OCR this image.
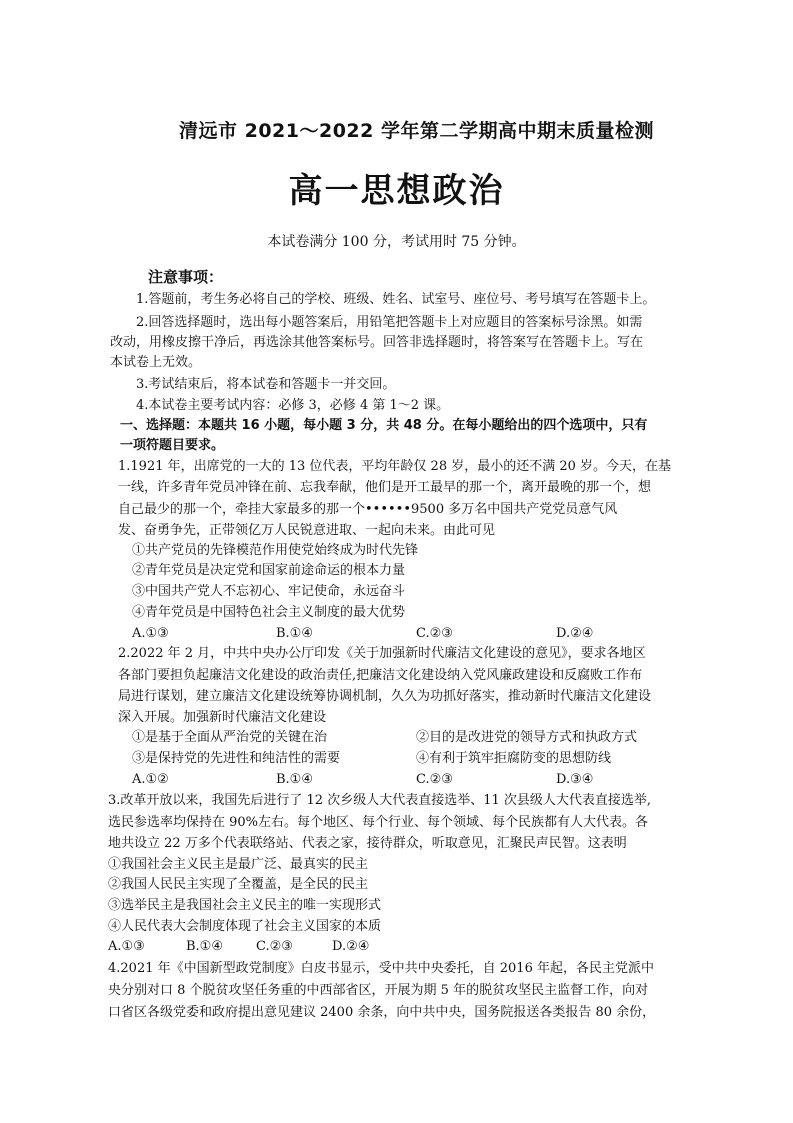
清远市 2021～2022 学年第二学期高中期末质量检测
高一思想政治
本试卷满分 100 分，考试用时 75 分钟。
注意事项：
1.答题前，考生务必将自己的学校、班级、姓名、试室号、座位号、考号填写在答题卡上。
2.回答选择题时，选出每小题答案后，用铅笔把答题卡上对应题目的答案标号涂黑。如需
改动，用橡皮擦干净后，再选涂其他答案标号。回答非选择题时，将答案写在答题卡上。写在
本试卷上无效。
3.考试结束后，将本试卷和答题卡一并交回。
4.本试卷主要考试内容：必修 3，必修 4 第 1～2 课。
一、选择题：本题共 16 小题，每小题 3 分，共 48 分。在每小题给出的四个选项中，只有
一项符题目要求。
1.1921 年，出席党的一大的 13 位代表，平均年龄仅 28 岁，最小的还不满 20 岁。今天，在基
一线，许多青年党员冲锋在前、忘我奉献，他们是开工最早的那一个，离开最晚的那一个，想
自己最少的那一个，牵挂大家最多的那一个••••••9500 多万名中国共产党党员意气风
发、奋勇争先，正带领亿万人民锐意进取、一起向未来。由此可见
①共产党员的先锋模范作用使党始终成为时代先锋
②青年党员是决定党和国家前途命运的根本力量
③中国共产党人不忘初心、牢记使命，永远奋斗
④青年党员是中国特色社会主义制度的最大优势
A.①③	B.①④	C.②③	D.②④
2.2022 年 2 月，中共中央办公厅印发《关于加强新时代廉洁文化建设的意见》，要求各地区
各部门要担负起廉洁文化建设的政治责任,把廉洁文化建设纳入党风廉政建设和反腐败工作布
局进行谋划，建立廉洁文化建设统筹协调机制，久久为功抓好落实，推动新时代廉洁文化建设
深入开展。加强新时代廉洁文化建设
①是基于全面从严治党的关键在治	②目的是改进党的领导方式和执政方式
③是保持党的先进性和纯洁性的需要	④有利于筑牢拒腐防变的思想防线
A.①②	B.①④	C.②③	D.③④
3.改革开放以来，我国先后进行了 12 次乡级人大代表直接选举、11 次县级人大代表直接选举,
选民参选率均保持在 90%左右。每个地区、每个行业、每个领域、每个民族都有人大代表。各
地共设立 22 万多个代表联络站、代表之家，接待群众，听取意见，汇聚民声民智。这表明
①我国社会主义民主是最广泛、最真实的民主
②我国人民民主实现了全覆盖，是全民的民主
③选举民主是我国社会主义民主的唯一实现形式
④人民代表大会制度体现了社会主义国家的本质
A.①③	B.①④	C.②③	D.②④
4.2021 年《中国新型政党制度》白皮书显示，受中共中央委托，自 2016 年起，各民主党派中
央分别对口 8 个脱贫攻坚任务重的中西部省区，开展为期 5 年的脱贫攻坚民主监督工作，向对
口省区各级党委和政府提出意见建议 2400 余条，向中共中央，国务院报送各类报告 80 余份，
